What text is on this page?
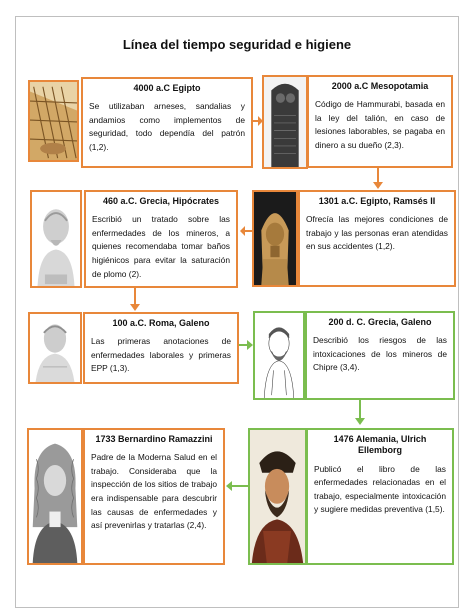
Línea del tiempo seguridad e higiene
4000 a.C Egipto

Se utilizaban arneses, sandalias y andamios como implementos de seguridad, todo dependía del patrón (1,2).

2000 a.C Mesopotamia

Código de Hammurabi, basada en la ley del talión, en caso de lesiones laborables, se pagaba en dinero a su dueño (2,3).

460 a.C. Grecia, Hipócrates

Escribió un tratado sobre las enfermedades de los mineros, a quienes recomendaba tomar baños higiénicos para evitar la saturación de plomo (2).

1301 a.C. Egipto, Ramsés II

Ofrecía las mejores condiciones de trabajo y las personas eran atendidas en sus accidentes (1,2).

100 a.C. Roma, Galeno

Las primeras anotaciones de enfermedades laborales y primeras EPP (1,3).

200 d. C. Grecia, Galeno

Describió los riesgos de las intoxicaciones de los mineros de Chipre (3,4).

1733 Bernardino Ramazzini

Padre de la Moderna Salud en el trabajo. Consideraba que la inspección de los sitios de trabajo era indispensable para descubrir las causas de enfermedades y así prevenirlas y tratarlas (2,4).

1476 Alemania, Ulrich Ellemborg

Publicó el libro de las enfermedades relacionadas en el trabajo, especialmente intoxicación y sugiere medidas preventiva (1,5).
